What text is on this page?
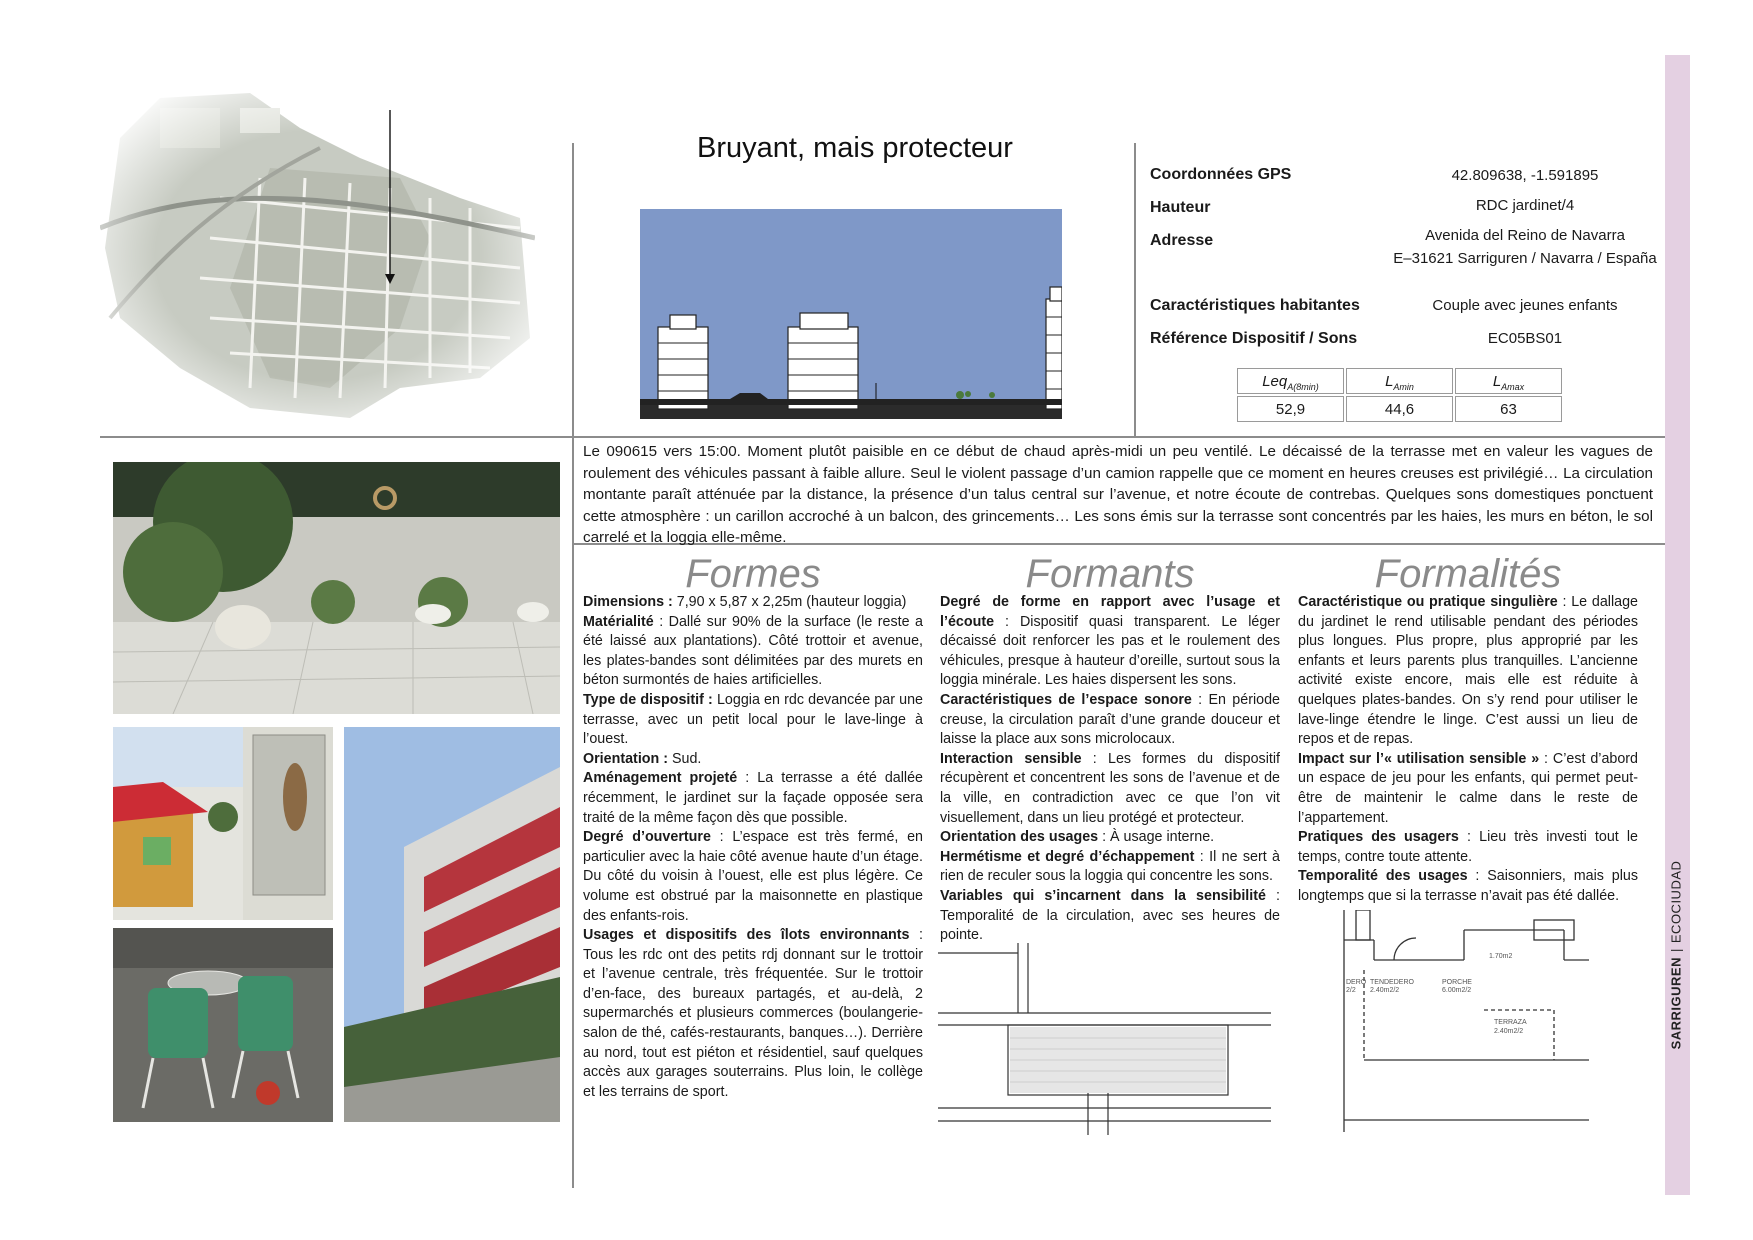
SARRIGUREN|ECOCIUDAD
Bruyant, mais protecteur
Coordonnées GPS	42.809638, -1.591895
Hauteur	RDC jardinet/4
Adresse	Avenida del Reino de Navarra
E–31621 Sarriguren / Navarra / España
Caractéristiques habitantes	Couple avec jeunes enfants
Référence Dispositif / Sons	EC05BS01
Leq$_{A(8min)}$	$L_{Amin}$	$L_{Amax}$
52,9	44,6	63
Le 090615 vers 15:00. Moment plutôt paisible en ce début de chaud après-midi un peu ventilé. Le décaissé de la terrasse met en valeur les vagues de roulement des véhicules passant à faible allure. Seul le violent passage d’un camion rappelle que ce moment en heures creuses est privilégié… La circulation montante paraît atténuée par la distance, la présence d’un talus central sur l’avenue, et notre écoute de contrebas. Quelques sons domestiques ponctuent cette atmosphère : un carillon accroché à un balcon, des grincements… Les sons émis sur la terrasse sont concentrés par les haies, les murs en béton, le sol carrelé et la loggia elle-même.
Formes	Formants	Formalités

Dimensions : 7,90 x 5,87 x 2,25m (hauteur loggia)

Matérialité : Dallé sur 90% de la surface (le reste a été laissé aux plantations). Côté trottoir et avenue, les plates-bandes sont délimitées par des murets en béton surmontés de haies artificielles.

Type de dispositif : Loggia en rdc devancée par une terrasse, avec un petit local pour le lave-linge à l’ouest.

Orientation : Sud.

Aménagement projeté : La terrasse a été dallée récemment, le jardinet sur la façade opposée sera traité de la même façon dès que possible.

Degré d’ouverture : L’espace est très fermé, en particulier avec la haie côté avenue haute d’un étage. Du côté du voisin à l’ouest, elle est plus légère. Ce volume est obstrué par la maisonnette en plastique des enfants-rois.

Usages et dispositifs des îlots environnants : Tous les rdc ont des petits rdj donnant sur le trottoir et l’avenue centrale, très fréquentée. Sur le trottoir d’en-face, des bureaux partagés, et au-delà, 2 supermarchés et plusieurs commerces (boulangerie-salon de thé, cafés-restaurants, banques…). Derrière au nord, tout est piéton et résidentiel, sauf quelques accès aux garages souterrains. Plus loin, le collège et les terrains de sport.

Degré de forme en rapport avec l’usage et l’écoute : Dispositif quasi transparent. Le léger décaissé doit renforcer les pas et le roulement des véhicules, presque à hauteur d’oreille, surtout sous la loggia minérale. Les haies dispersent les sons.

Caractéristiques de l’espace sonore : En période creuse, la circulation paraît d’une grande douceur et laisse la place aux sons microlocaux.

Interaction sensible : Les formes du dispositif récupèrent et concentrent les sons de l’avenue et de la ville, en contradiction avec ce que l’on vit visuellement, dans un lieu protégé et protecteur.

Orientation des usages : À usage interne.

Hermétisme et degré d’échappement : Il ne sert à rien de reculer sous la loggia qui concentre les sons.

Variables qui s’incarnent dans la sensibilité : Temporalité de la circulation, avec ses heures de pointe.

Caractéristique ou pratique singulière : Le dallage du jardinet le rend utilisable pendant des périodes plus longues. Plus propre, plus approprié par les enfants et leurs parents plus tranquilles. L’ancienne activité existe encore, mais elle est réduite à quelques plates-bandes. On s’y rend pour utiliser le lave-linge étendre le linge. C’est aussi un lieu de repos et de repas.

Impact sur l’« utilisation sensible » : C’est d’abord un espace de jeu pour les enfants, qui permet peut-être de maintenir le calme dans le reste de l’appartement.

Pratiques des usagers : Lieu très investi tout le temps, contre toute attente.

Temporalité des usages : Saisonniers, mais plus longtemps que si la terrasse n’avait pas été dallée.

1.70m2
DERO
2/2
TENDEDERO
2.40m2/2
PORCHE
6.00m2/2
TERRAZA
2.40m2/2
